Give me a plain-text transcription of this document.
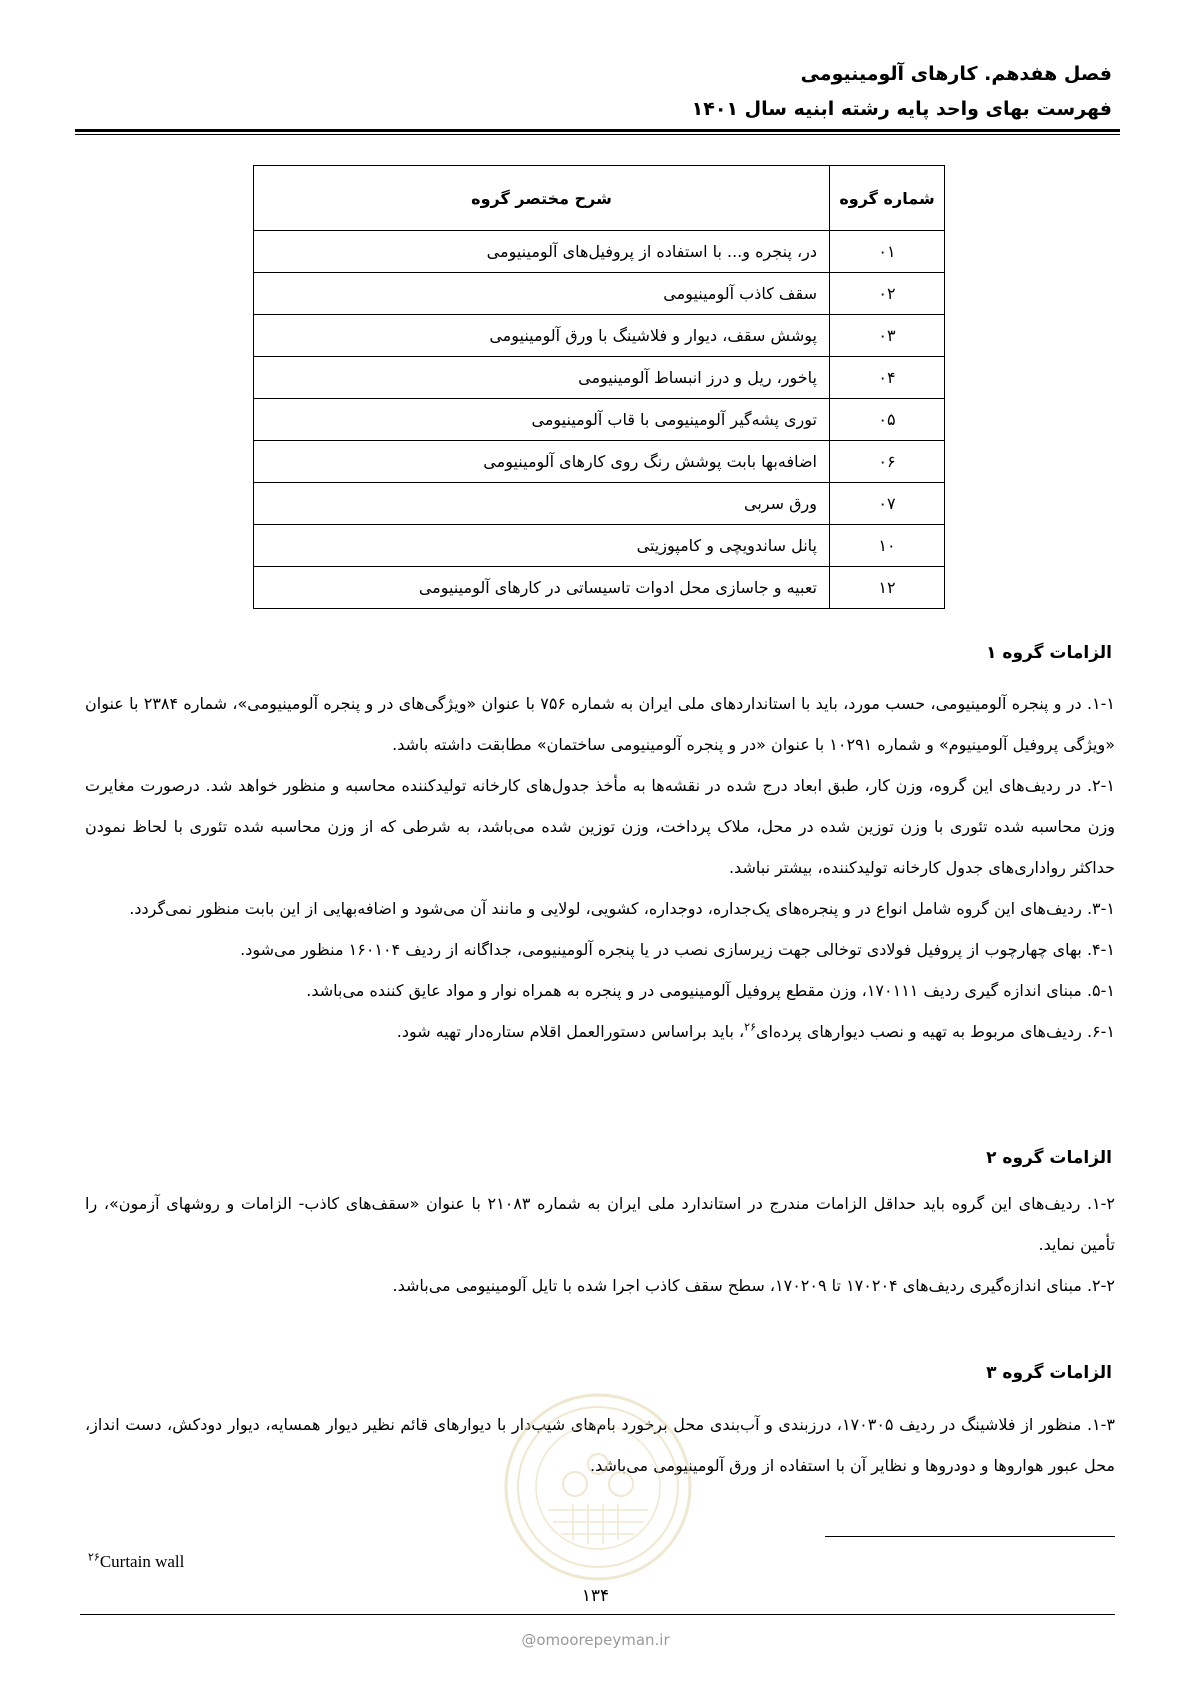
فصل هفدهم. کارهای آلومینیومی
فهرست بهای واحد پایه رشته ابنیه سال ۱۴۰۱
شماره گروه	شرح مختصر گروه
۰۱	در، پنجره و... با استفاده از پروفیل‌های آلومینیومی
۰۲	سقف کاذب آلومینیومی
۰۳	پوشش سقف، دیوار و فلاشینگ با ورق آلومینیومی
۰۴	پاخور، ریل و درز انبساط آلومینیومی
۰۵	توری پشه‌گیر آلومینیومی با قاب آلومینیومی
۰۶	اضافه‌بها بابت پوشش رنگ روی کارهای آلومینیومی
۰۷	ورق سربی
۱۰	پانل ساندویچی و کامپوزیتی
۱۲	تعبیه و جاسازی محل ادوات تاسیساتی در کارهای آلومینیومی
الزامات گروه ۱

۱-۱. در و پنجره آلومینیومی، حسب مورد، باید با استانداردهای ملی ایران به شماره ۷۵۶ با عنوان «ویژگی‌های در و پنجره آلومینیومی»، شماره ۲۳۸۴ با عنوان «ویژگی پروفیل آلومینیوم» و شماره ۱۰۲۹۱ با عنوان «در و پنجره آلومینیومی ساختمان» مطابقت داشته باشد.

۲-۱. در ردیف‌های این گروه، وزن کار، طبق ابعاد درج شده در نقشه‌ها به مأخذ جدول‌های کارخانه تولیدکننده محاسبه و منظور خواهد شد. درصورت مغایرت وزن محاسبه شده تئوری با وزن توزین شده در محل، ملاک پرداخت، وزن توزین شده می‌باشد، به شرطی که از وزن محاسبه شده تئوری با لحاظ نمودن حداکثر رواداری‌های جدول کارخانه تولیدکننده، بیشتر نباشد.

۳-۱. ردیف‌های این گروه شامل انواع در و پنجره‌های یک‌جداره، دوجداره، کشویی، لولایی و مانند آن می‌شود و اضافه‌بهایی از این بابت منظور نمی‌گردد.

۴-۱. بهای چهارچوب از پروفیل فولادی توخالی جهت زیرسازی نصب در یا پنجره آلومینیومی، جداگانه از ردیف ۱۶۰۱۰۴ منظور می‌شود.

۵-۱. مبنای اندازه گیری ردیف ۱۷۰۱۱۱، وزن مقطع پروفیل آلومینیومی در و پنجره به همراه نوار و مواد عایق کننده می‌باشد.

۶-۱. ردیف‌های مربوط به تهیه و نصب دیوارهای پرده‌ای$^{۲۶}$، باید براساس دستورالعمل اقلام ستاره‌دار تهیه شود.

الزامات گروه ۲

۱-۲. ردیف‌های این گروه باید حداقل الزامات مندرج در استاندارد ملی ایران به شماره ۲۱۰۸۳ با عنوان «سقف‌های کاذب- الزامات و روشهای آزمون»، را تأمین نماید.

۲-۲. مبنای اندازه‌گیری ردیف‌های ۱۷۰۲۰۴ تا ۱۷۰۲۰۹، سطح سقف کاذب اجرا شده با تایل آلومینیومی می‌باشد.

الزامات گروه ۳

۱-۳. منظور از فلاشینگ در ردیف ۱۷۰۳۰۵، درزبندی و آب‌بندی محل برخورد بام‌های شیب‌دار با دیوارهای قائم نظیر دیوار همسایه، دیوار دودکش، دست انداز، محل عبور هواروها و دودروها و نظایر آن با استفاده از ورق آلومینیومی می‌باشد.

$^{۲۶}$Curtain wall
۱۳۴
@omoorepeyman.ir
